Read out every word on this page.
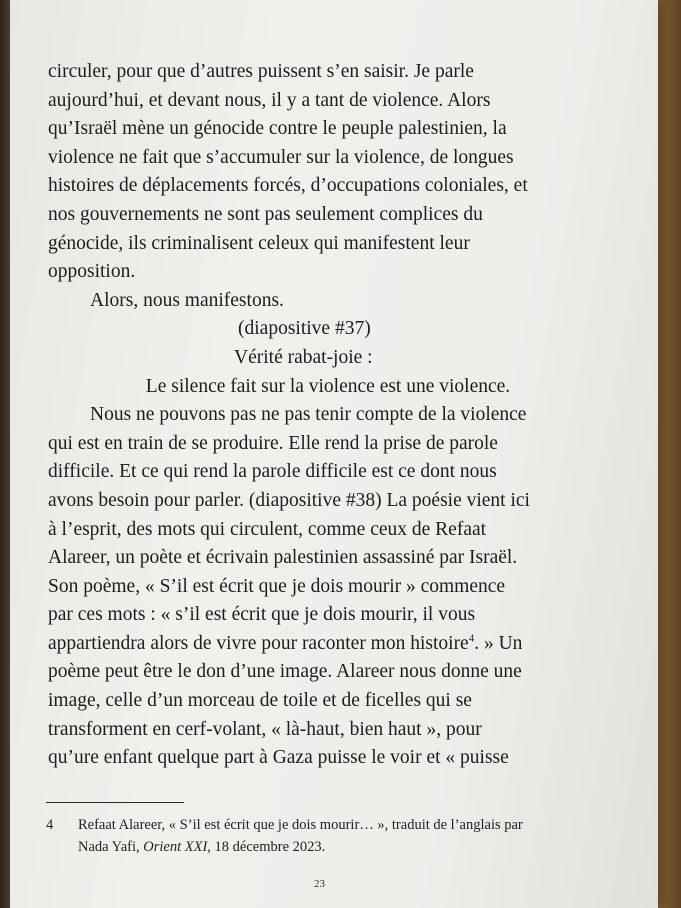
circuler, pour que d’autres puissent s’en saisir. Je parle

aujourd’hui, et devant nous, il y a tant de violence. Alors

qu’Israël mène un génocide contre le peuple palestinien, la

violence ne fait que s’accumuler sur la violence, de longues

histoires de déplacements forcés, d’occupations coloniales, et

nos gouvernements ne sont pas seulement complices du

génocide, ils criminalisent celeux qui manifestent leur

opposition.

Alors, nous manifestons.

(diapositive #37)

Vérité rabat-joie :

Le silence fait sur la violence est une violence.

Nous ne pouvons pas ne pas tenir compte de la violence

qui est en train de se produire. Elle rend la prise de parole

difficile. Et ce qui rend la parole difficile est ce dont nous

avons besoin pour parler. (diapositive #38) La poésie vient ici

à l’esprit, des mots qui circulent, comme ceux de Refaat

Alareer, un poète et écrivain palestinien assassiné par Israël.

Son poème, « S’il est écrit que je dois mourir » commence

par ces mots : « s’il est écrit que je dois mourir, il vous

appartiendra alors de vivre pour raconter mon histoire$^4$. » Un

poème peut être le don d’une image. Alareer nous donne une

image, celle d’un morceau de toile et de ficelles qui se

transforment en cerf-volant, « là-haut, bien haut », pour

qu’ure enfant quelque part à Gaza puisse le voir et « puisse

4 Refaat Alareer, « S’il est écrit que je dois mourir… », traduit de l’anglais par
Nada Yafi, Orient XXI, 18 décembre 2023.
23
